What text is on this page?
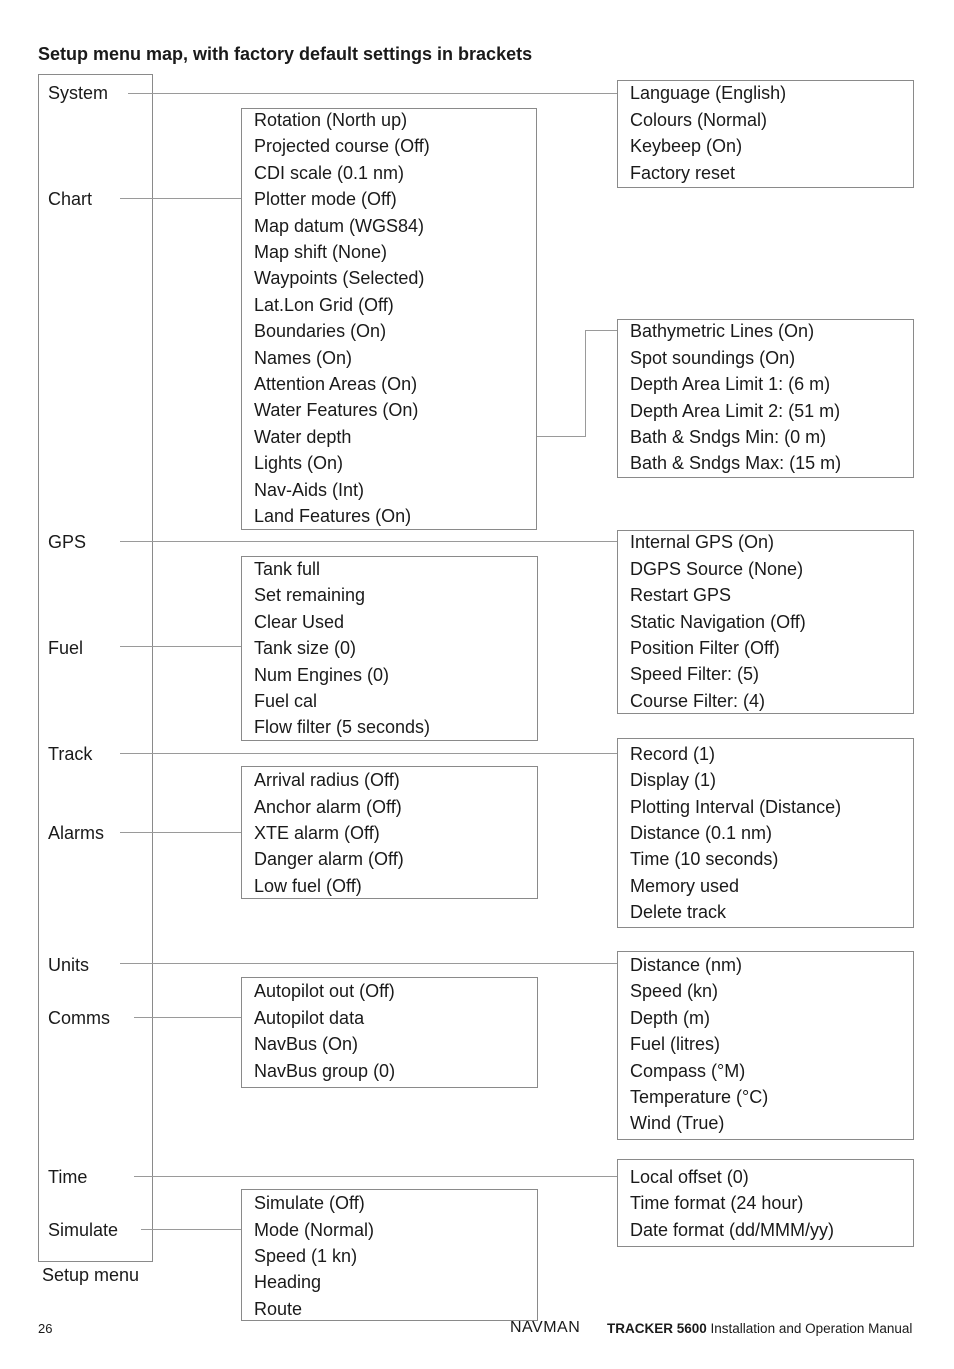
Setup menu map, with factory default settings in brackets
System
Chart
GPS
Fuel
Track
Alarms
Units
Comms
Time
Simulate
Setup menu
Language (English)
Colours (Normal)
Keybeep (On)
Factory reset
Rotation (North up)
Projected course (Off)
CDI scale (0.1 nm)
Plotter mode (Off)
Map datum (WGS84)
Map shift (None)
Waypoints (Selected)
Lat.Lon Grid (Off)
Boundaries (On)
Names (On)
Attention Areas (On)
Water Features (On)
Water depth
Lights (On)
Nav-Aids (Int)
Land Features (On)
Bathymetric Lines (On)
Spot soundings (On)
Depth Area Limit 1: (6 m)
Depth Area Limit 2: (51 m)
Bath & Sndgs Min: (0 m)
Bath & Sndgs Max: (15 m)
Internal GPS (On)
DGPS Source (None)
Restart GPS
Static Navigation (Off)
Position Filter (Off)
Speed Filter: (5)
Course Filter: (4)
Tank full
Set remaining
Clear Used
Tank size (0)
Num Engines (0)
Fuel cal
Flow filter (5 seconds)
Record (1)
Display (1)
Plotting Interval (Distance)
Distance (0.1 nm)
Time (10 seconds)
Memory used
Delete track
Arrival radius (Off)
Anchor alarm (Off)
XTE alarm (Off)
Danger alarm (Off)
Low fuel (Off)
Distance (nm)
Speed (kn)
Depth (m)
Fuel (litres)
Compass (°M)
Temperature (°C)
Wind (True)
Autopilot out (Off)
Autopilot data
NavBus (On)
NavBus group (0)
Local offset (0)
Time format (24 hour)
Date format (dd/MMM/yy)
Simulate (Off)
Mode (Normal)
Speed (1 kn)
Heading
Route
26	NAVMAN TRACKER 5600 Installation and Operation Manual
